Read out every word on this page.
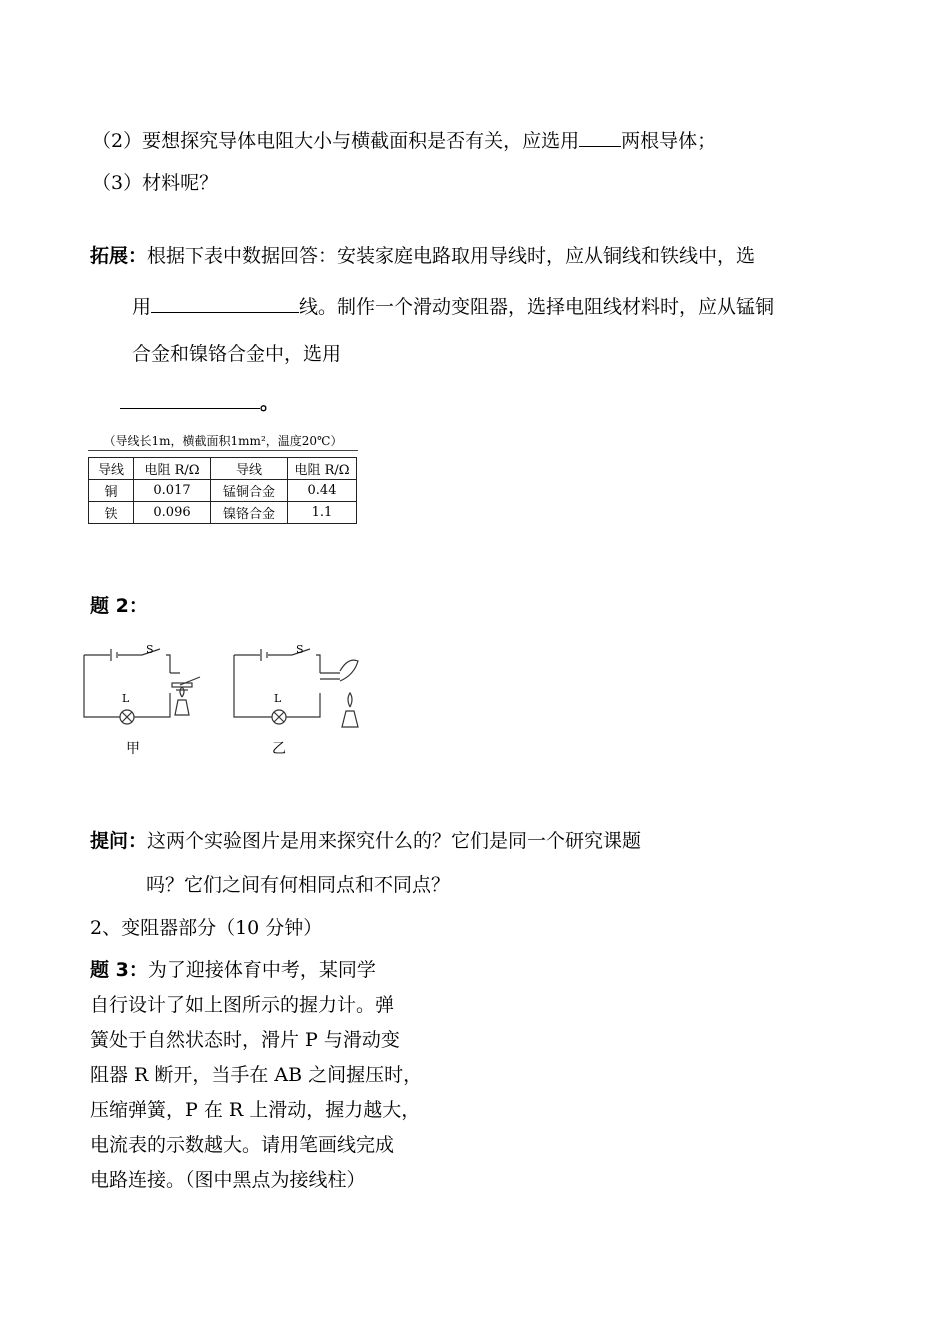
（2）要想探究导体电阻大小与横截面积是否有关，应选用 两根导体；
（3）材料呢？
拓展：根据下表中数据回答：安装家庭电路取用导线时，应从铜线和铁线中，选
用	线。制作一个滑动变阻器，选择电阻线材料时，应从锰铜
合金和镍铬合金中，选用
。
（导线长1m，横截面积1mm²，温度20℃）
导线	电阻 R/Ω	导线	电阻 R/Ω
铜	0.017	锰铜合金	0.44
铁	0.096	镍铬合金	1.1
题 2：
S
L
甲
S
L
乙
提问：这两个实验图片是用来探究什么的？它们是同一个研究课题
吗？它们之间有何相同点和不同点？
2、变阻器部分（10 分钟）
题 3：为了迎接体育中考，某同学
自行设计了如上图所示的握力计。弹
簧处于自然状态时，滑片 P 与滑动变
阻器 R 断开，当手在 AB 之间握压时，
压缩弹簧，P 在 R 上滑动，握力越大，
电流表的示数越大。请用笔画线完成
电路连接。（图中黑点为接线柱）
